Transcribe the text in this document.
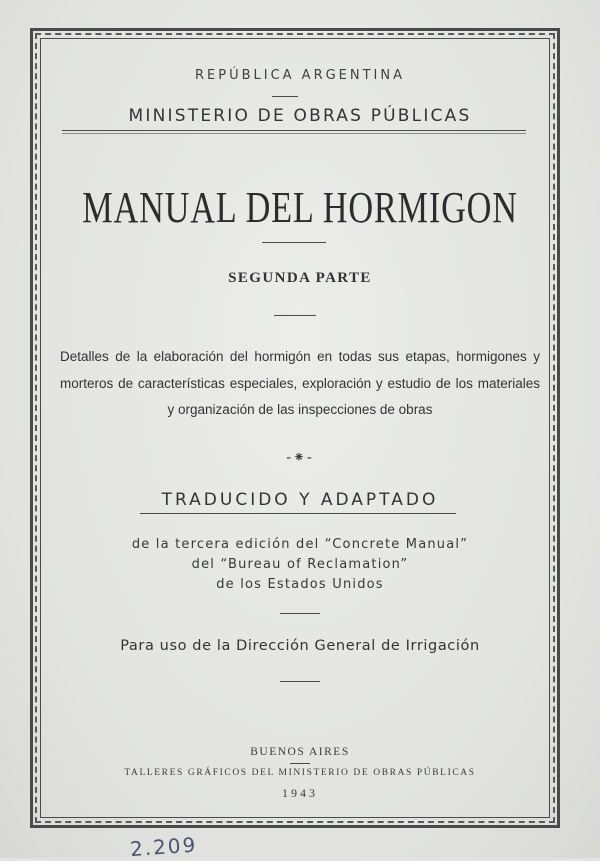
REPÚBLICA ARGENTINA
MINISTERIO DE OBRAS PÚBLICAS
MANUAL DEL HORMIGON
SEGUNDA PARTE
Detalles de la elaboración del hormigón en todas sus etapas, hormigones y morteros de características especiales, exploración y estudio de los materiales y organización de las inspecciones de obras
-⁕-
TRADUCIDO Y ADAPTADO
de la tercera edición del “Concrete Manual”
del “Bureau of Reclamation”
de los Estados Unidos
Para uso de la Dirección General de Irrigación
BUENOS AIRES
TALLERES GRÁFICOS DEL MINISTERIO DE OBRAS PÚBLICAS
1943
2.209
